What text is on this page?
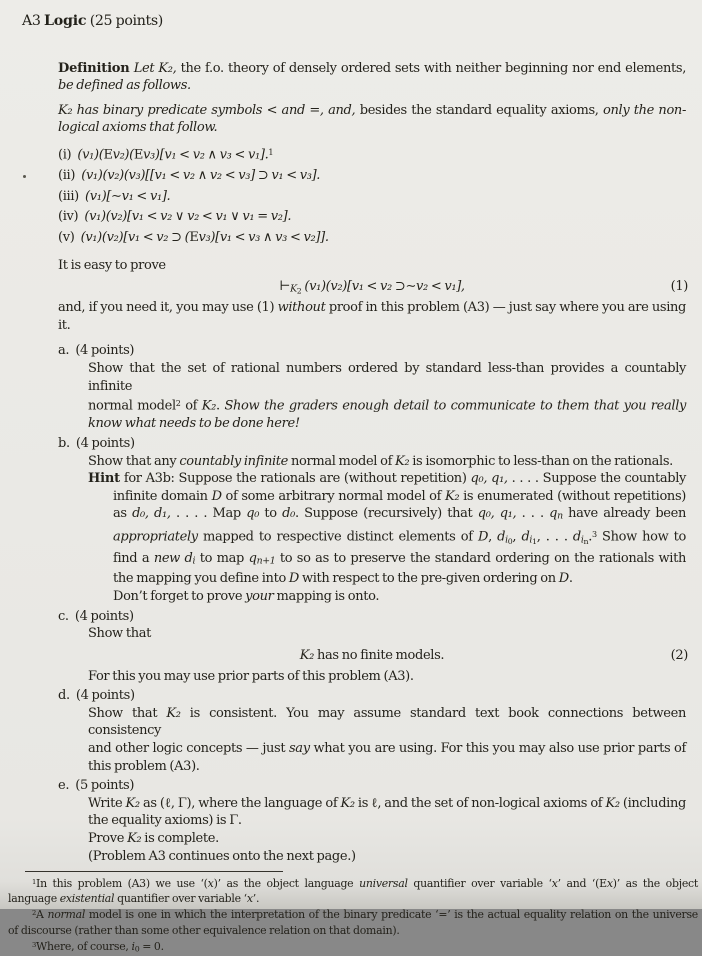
A3 Logic (25 points)
Definition Let K₂, the f.o. theory of densely ordered sets with neither beginning nor end elements,
be defined as follows.
K₂ has binary predicate symbols < and =, and, besides the standard equality axioms, only the non-
logical axioms that follow.
(i) (v₁)(Ev₂)(Ev₃)[v₁ < v₂ ∧ v₃ < v₁].$^1$
(ii) (v₁)(v₂)(v₃)[[v₁ < v₂ ∧ v₂ < v₃] ⊃ v₁ < v₃].
(iii) (v₁)[∼v₁ < v₁].
(iv) (v₁)(v₂)[v₁ < v₂ ∨ v₂ < v₁ ∨ v₁ = v₂].
(v) (v₁)(v₂)[v₁ < v₂ ⊃ (Ev₃)[v₁ < v₃ ∧ v₃ < v₂]].
It is easy to prove
$⊢K_2$ (v₁)(v₂)[v₁ < v₂ ⊃∼v₂ < v₁],	(1)
and, if you need it, you may use (1) without proof in this problem (A3) — just say where you are using
it.
a. (4 points)
Show that the set of rational numbers ordered by standard less-than provides a countably infinite
normal model$^2$ of K₂. Show the graders enough detail to communicate to them that you really
know what needs to be done here!
b. (4 points)
Show that any countably infinite normal model of K₂ is isomorphic to less-than on the rationals.
Hint for A3b: Suppose the rationals are (without repetition) q₀, q₁, . . . . Suppose the countably
infinite domain D of some arbitrary normal model of K₂ is enumerated (without repetitions)
as d₀, d₁, . . . . Map q₀ to d₀. Suppose (recursively) that q₀, q₁, . . . qn have already been
appropriately mapped to respective distinct elements of D, $di_0$, $di_1$, . . . $di_n.^3$ Show how to
find a new di to map qn+1 to so as to preserve the standard ordering on the rationals with
the mapping you define into D with respect to the pre-given ordering on D.
Don’t forget to prove your mapping is onto.
c. (4 points)
Show that
K₂ has no finite models.	(2)
For this you may use prior parts of this problem (A3).
d. (4 points)
Show that K₂ is consistent. You may assume standard text book connections between consistency
and other logic concepts — just say what you are using. For this you may also use prior parts of
this problem (A3).
e. (5 points)
Write K₂ as (ℓ, Γ), where the language of K₂ is ℓ, and the set of non-logical axioms of K₂ (including
the equality axioms) is Γ.
Prove K₂ is complete.
(Problem A3 continues onto the next page.)
$^1$In this problem (A3) we use ‘(x)’ as the object language universal quantifier over variable ‘x’ and ‘(Ex)’ as the object
language existential quantifier over variable ‘x’.
$^2$A normal model is one in which the interpretation of the binary predicate ‘=’ is the actual equality relation on the universe
of discourse (rather than some other equivalence relation on that domain).
$^3$Where, of course, i0 = 0.
